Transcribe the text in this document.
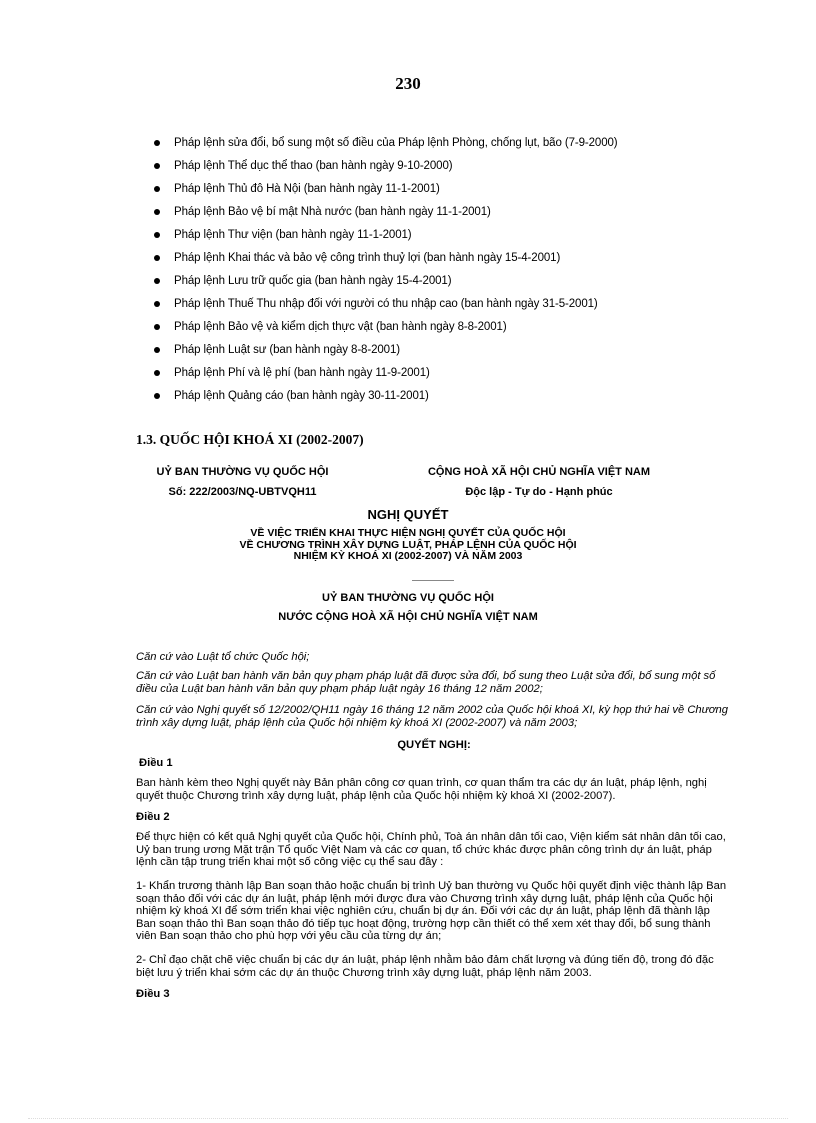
230
Pháp lệnh sửa đổi, bổ sung một số điều của Pháp lệnh Phòng, chống lụt, bão (7-9-2000)
Pháp lệnh Thể dục thể thao (ban hành ngày 9-10-2000)
Pháp lệnh Thủ đô Hà Nội (ban hành ngày 11-1-2001)
Pháp lệnh Bảo vệ bí mật Nhà nước (ban hành ngày 11-1-2001)
Pháp lệnh Thư viện (ban hành ngày 11-1-2001)
Pháp lệnh Khai thác và bảo vệ công trình thuỷ lợi (ban hành ngày 15-4-2001)
Pháp lệnh Lưu trữ quốc gia (ban hành ngày 15-4-2001)
Pháp lệnh Thuế Thu nhập đối với người có thu nhập cao (ban hành ngày 31-5-2001)
Pháp lệnh Bảo vệ và kiểm dịch thực vật (ban hành ngày 8-8-2001)
Pháp lệnh Luật sư (ban hành ngày 8-8-2001)
Pháp lệnh Phí và lệ phí (ban hành ngày 11-9-2001)
Pháp lệnh Quảng cáo (ban hành ngày 30-11-2001)
1.3. QUỐC HỘI KHOÁ XI (2002-2007)
UỶ BAN THƯỜNG VỤ QUỐC HỘI
Số: 222/2003/NQ-UBTVQH11
CỘNG HOÀ XÃ HỘI CHỦ NGHĨA VIỆT NAM
Độc lập - Tự do - Hạnh phúc
NGHỊ QUYẾT
VỀ VIỆC TRIỂN KHAI THỰC HIỆN NGHỊ QUYẾT CỦA QUỐC HỘI
VỀ CHƯƠNG TRÌNH XÂY DỰNG LUẬT, PHÁP LỆNH CỦA QUỐC HỘI
NHIỆM KỲ KHOÁ XI (2002-2007) VÀ NĂM 2003
UỶ BAN THƯỜNG VỤ QUỐC HỘI
NƯỚC CỘNG HOÀ XÃ HỘI CHỦ NGHĨA VIỆT NAM
Căn cứ vào Luật tổ chức Quốc hội;
Căn cứ vào Luật ban hành văn bản quy phạm pháp luật đã được sửa đổi, bổ sung theo Luật sửa đổi, bổ sung một số điều của Luật ban hành văn bản quy phạm pháp luật ngày 16 tháng 12 năm 2002;
Căn cứ vào Nghị quyết số 12/2002/QH11 ngày 16 tháng 12 năm 2002 của Quốc hội khoá XI, kỳ họp thứ hai về Chương trình xây dựng luật, pháp lệnh của Quốc hội nhiệm kỳ khoá XI (2002-2007) và năm 2003;
QUYẾT NGHỊ:
Điều 1
Ban hành kèm theo Nghị quyết này Bản phân công cơ quan trình, cơ quan thẩm tra các dự án luật, pháp lệnh, nghị quyết thuộc Chương trình xây dựng luật, pháp lệnh của Quốc hội nhiệm kỳ khoá XI (2002-2007).
Điều 2
Để thực hiện có kết quả Nghị quyết của Quốc hội, Chính phủ, Toà án nhân dân tối cao, Viện kiểm sát nhân dân tối cao, Uỷ ban trung ương Mặt trận Tổ quốc Việt Nam và các cơ quan, tổ chức khác được phân công trình dự án luật, pháp lệnh cần tập trung triển khai một số công việc cụ thể sau đây :
1- Khẩn trương thành lập Ban soạn thảo hoặc chuẩn bị trình Uỷ ban thường vụ Quốc hội quyết định việc thành lập Ban soạn thảo đối với các dự án luật, pháp lệnh mới được đưa vào Chương trình xây dựng luật, pháp lệnh của Quốc hội nhiệm kỳ khoá XI để sớm triển khai việc nghiên cứu, chuẩn bị dự án. Đối với các dự án luật, pháp lệnh đã thành lập Ban soạn thảo thì Ban soạn thảo đó tiếp tục hoạt động, trường hợp cần thiết có thể xem xét thay đổi, bổ sung thành viên Ban soạn thảo cho phù hợp với yêu cầu của từng dự án;
2- Chỉ đạo chặt chẽ việc chuẩn bị các dự án luật, pháp lệnh nhằm bảo đảm chất lượng và đúng tiến độ, trong đó đặc biệt lưu ý triển khai sớm các dự án thuộc Chương trình xây dựng luật, pháp lệnh năm 2003.
Điều 3
